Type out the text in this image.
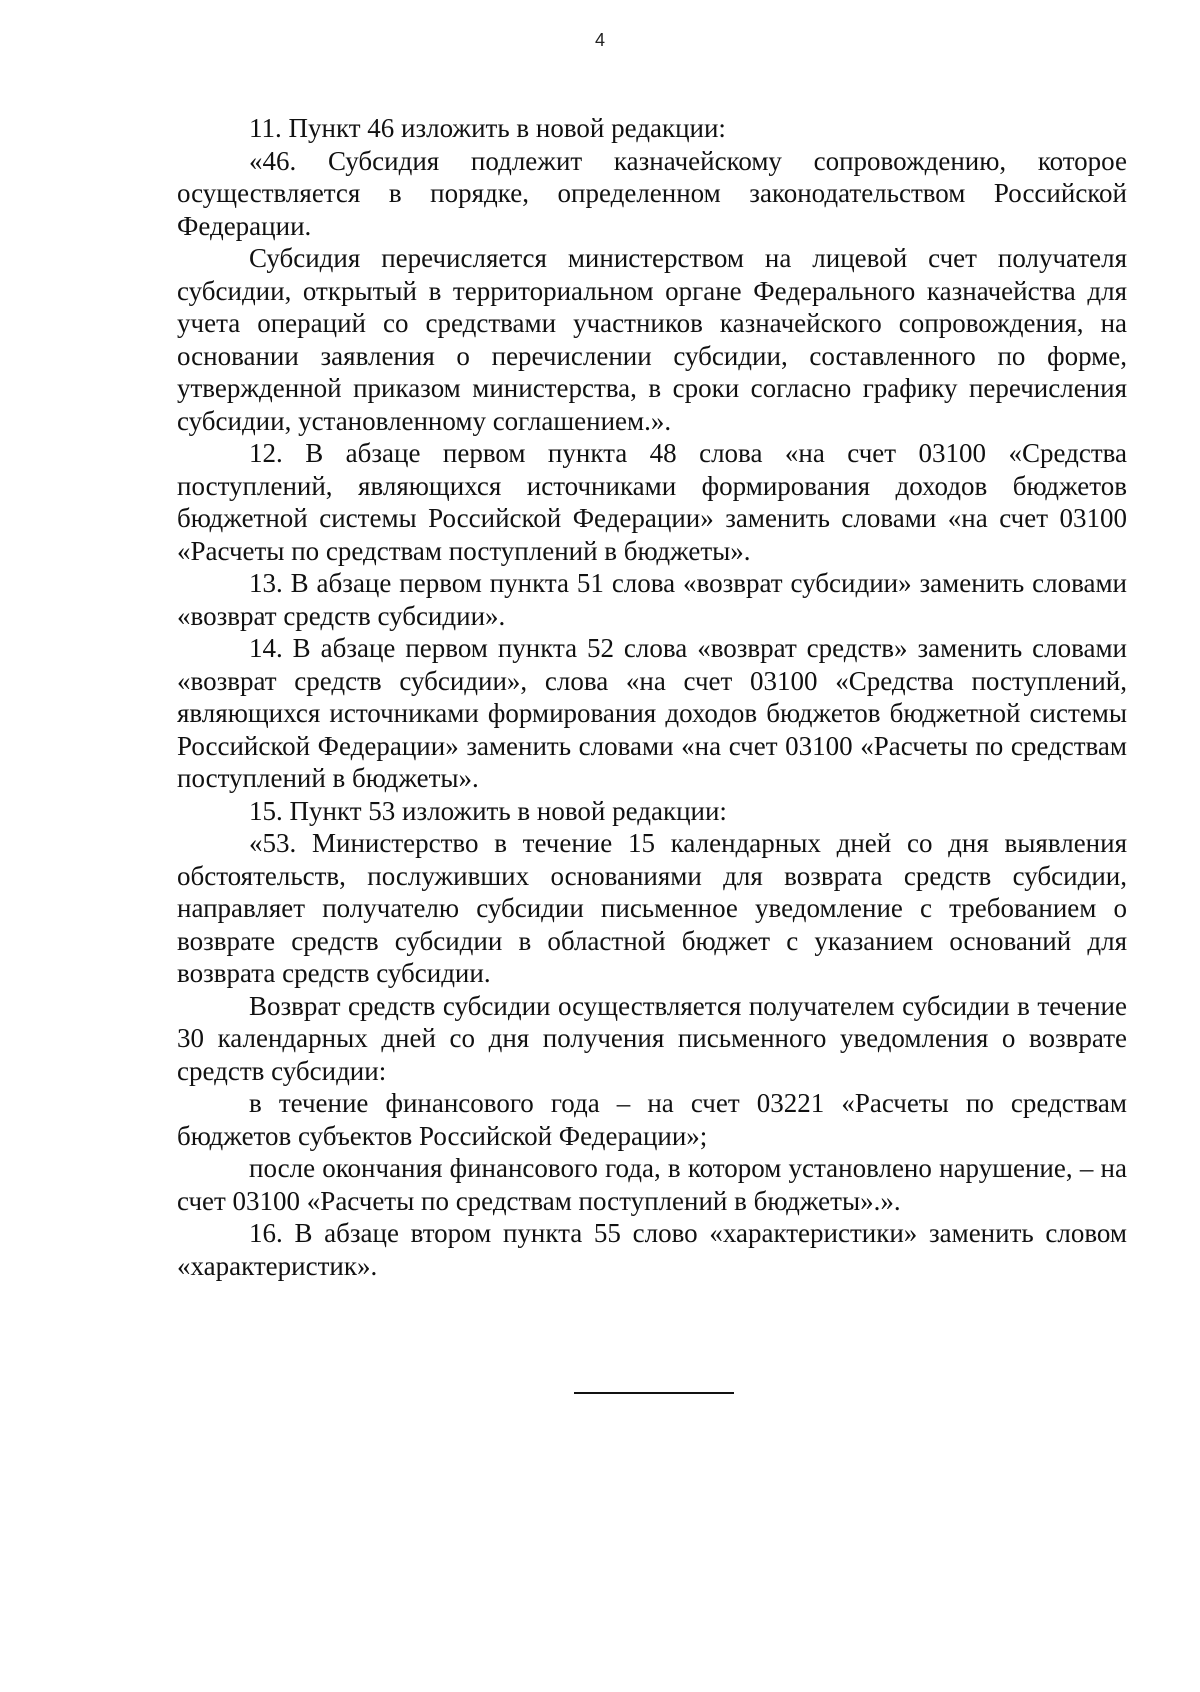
4

11. Пункт 46 изложить в новой редакции:

«46. Субсидия подлежит казначейскому сопровождению, которое осуществляется в порядке, определенном законодательством Российской Федерации.

Субсидия перечисляется министерством на лицевой счет получателя субсидии, открытый в территориальном органе Федерального казначейства для учета операций со средствами участников казначейского сопровождения, на основании заявления о перечислении субсидии, составленного по форме, утвержденной приказом министерства, в сроки согласно графику перечисления субсидии, установленному соглашением.».

12. В абзаце первом пункта 48 слова «на счет 03100 «Средства поступлений, являющихся источниками формирования доходов бюджетов бюджетной системы Российской Федерации» заменить словами «на счет 03100 «Расчеты по средствам поступлений в бюджеты».

13. В абзаце первом пункта 51 слова «возврат субсидии» заменить словами «возврат средств субсидии».

14. В абзаце первом пункта 52 слова «возврат средств» заменить словами «возврат средств субсидии», слова «на счет 03100 «Средства поступлений, являющихся источниками формирования доходов бюджетов бюджетной системы Российской Федерации» заменить словами «на счет 03100 «Расчеты по средствам поступлений в бюджеты».

15. Пункт 53 изложить в новой редакции:

«53. Министерство в течение 15 календарных дней со дня выявления обстоятельств, послуживших основаниями для возврата средств субсидии, направляет получателю субсидии письменное уведомление с требованием о возврате средств субсидии в областной бюджет с указанием оснований для возврата средств субсидии.

Возврат средств субсидии осуществляется получателем субсидии в течение 30 календарных дней со дня получения письменного уведомления о возврате средств субсидии:

в течение финансового года – на счет 03221 «Расчеты по средствам бюджетов субъектов Российской Федерации»;

после окончания финансового года, в котором установлено нарушение, – на счет 03100 «Расчеты по средствам поступлений в бюджеты».».

16. В абзаце втором пункта 55 слово «характеристики» заменить словом «характеристик».
